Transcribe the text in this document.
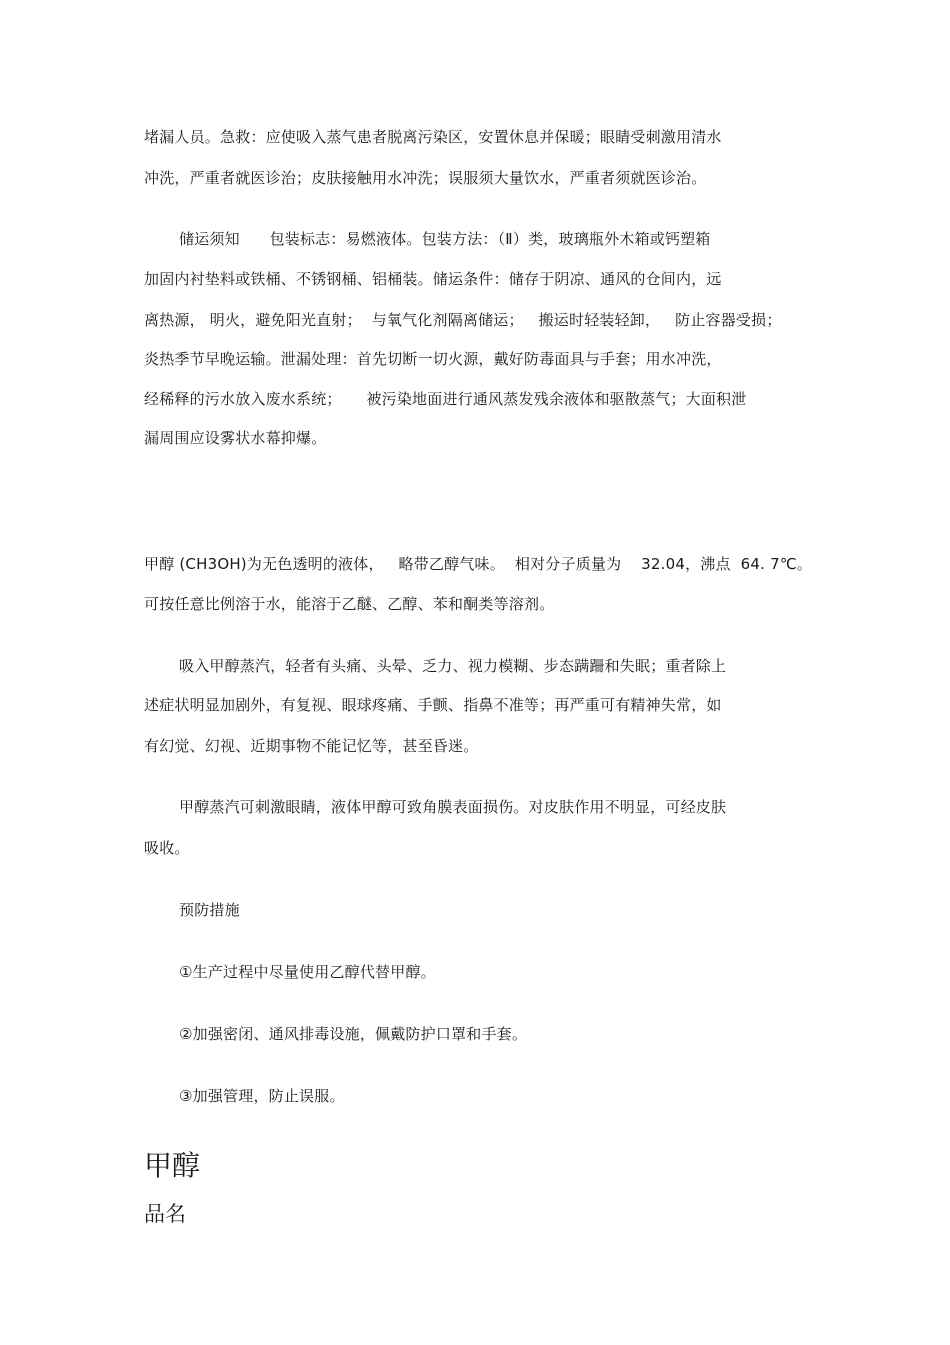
堵漏人员。急救：应使吸入蒸气患者脱离污染区，安置休息并保暖；眼睛受刺激用清水
冲洗，严重者就医诊治；皮肤接触用水冲洗；误服须大量饮水，严重者须就医诊治。
储运须知      包装标志：易燃液体。包装方法：（Ⅱ）类，玻璃瓶外木箱或钙塑箱
加固内衬垫料或铁桶、不锈钢桶、铝桶装。储运条件：储存于阴凉、通风的仓间内，远
离热源， 明火，避免阳光直射；  与氧气化剂隔离储运；   搬运时轻装轻卸，   防止容器受损；
炎热季节早晚运输。泄漏处理：首先切断一切火源，戴好防毒面具与手套；用水冲洗，
经稀释的污水放入废水系统；     被污染地面进行通风蒸发残余液体和驱散蒸气；大面积泄
漏周围应设雾状水幕抑爆。
甲醇 (CH3OH)为无色透明的液体，   略带乙醇气味。  相对分子质量为    32.04，沸点  64. 7℃。
可按任意比例溶于水，能溶于乙醚、乙醇、苯和酮类等溶剂。
吸入甲醇蒸汽，轻者有头痛、头晕、乏力、视力模糊、步态蹒跚和失眠；重者除上
述症状明显加剧外，有复视、眼球疼痛、手颤、指鼻不准等；再严重可有精神失常，如
有幻觉、幻视、近期事物不能记忆等，甚至昏迷。
甲醇蒸汽可刺激眼睛，液体甲醇可致角膜表面损伤。对皮肤作用不明显，可经皮肤
吸收。
预防措施
①生产过程中尽量使用乙醇代替甲醇。
②加强密闭、通风排毒设施，佩戴防护口罩和手套。
③加强管理，防止误服。
甲醇
品名
